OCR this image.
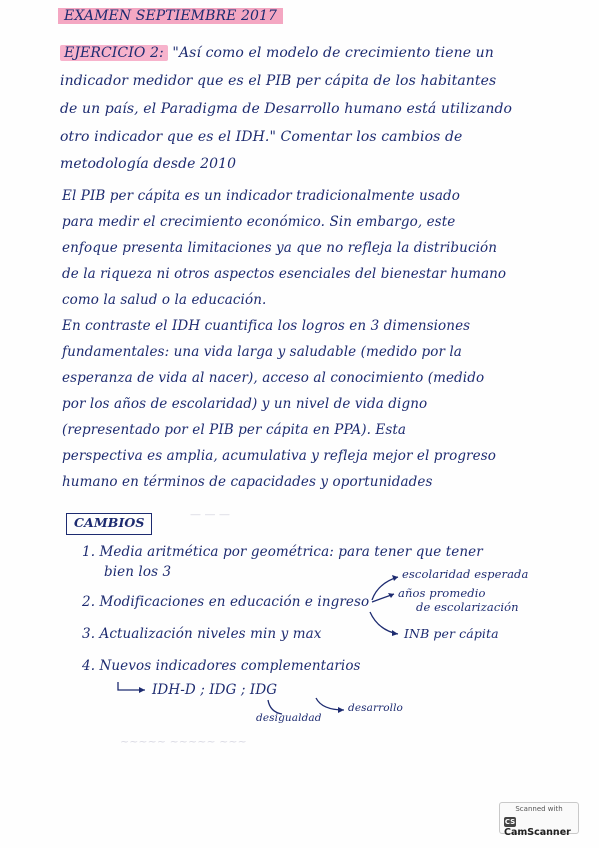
EXAMEN SEPTIEMBRE 2017
EJERCICIO 2: "Así como el modelo de crecimiento tiene un
indicador medidor que es el PIB per cápita de los habitantes
de un país, el Paradigma de Desarrollo humano está utilizando
otro indicador que es el IDH." Comentar los cambios de
metodología desde 2010
El PIB per cápita es un indicador tradicionalmente usado
para medir el crecimiento económico. Sin embargo, este
enfoque presenta limitaciones ya que no refleja la distribución
de la riqueza ni otros aspectos esenciales del bienestar humano
como la salud o la educación.
En contraste el IDH cuantifica los logros en 3 dimensiones
fundamentales: una vida larga y saludable (medido por la
esperanza de vida al nacer), acceso al conocimiento (medido
por los años de escolaridad) y un nivel de vida digno
(representado por el PIB per cápita en PPA). Esta
perspectiva es amplia, acumulativa y refleja mejor el progreso
humano en términos de capacidades y oportunidades
— — —
~~~~~ ~~~~~ ~~~
CAMBIOS
1. Media aritmética por geométrica: para tener que tener
bien los 3
2. Modificaciones en educación e ingreso
3. Actualización niveles min y max
4. Nuevos indicadores complementarios
escolaridad esperada
años promedio
de escolarización
INB per cápita
IDH-D ; IDG ; IDG
desigualdad
desarrollo
Scanned with
CSCamScanner
